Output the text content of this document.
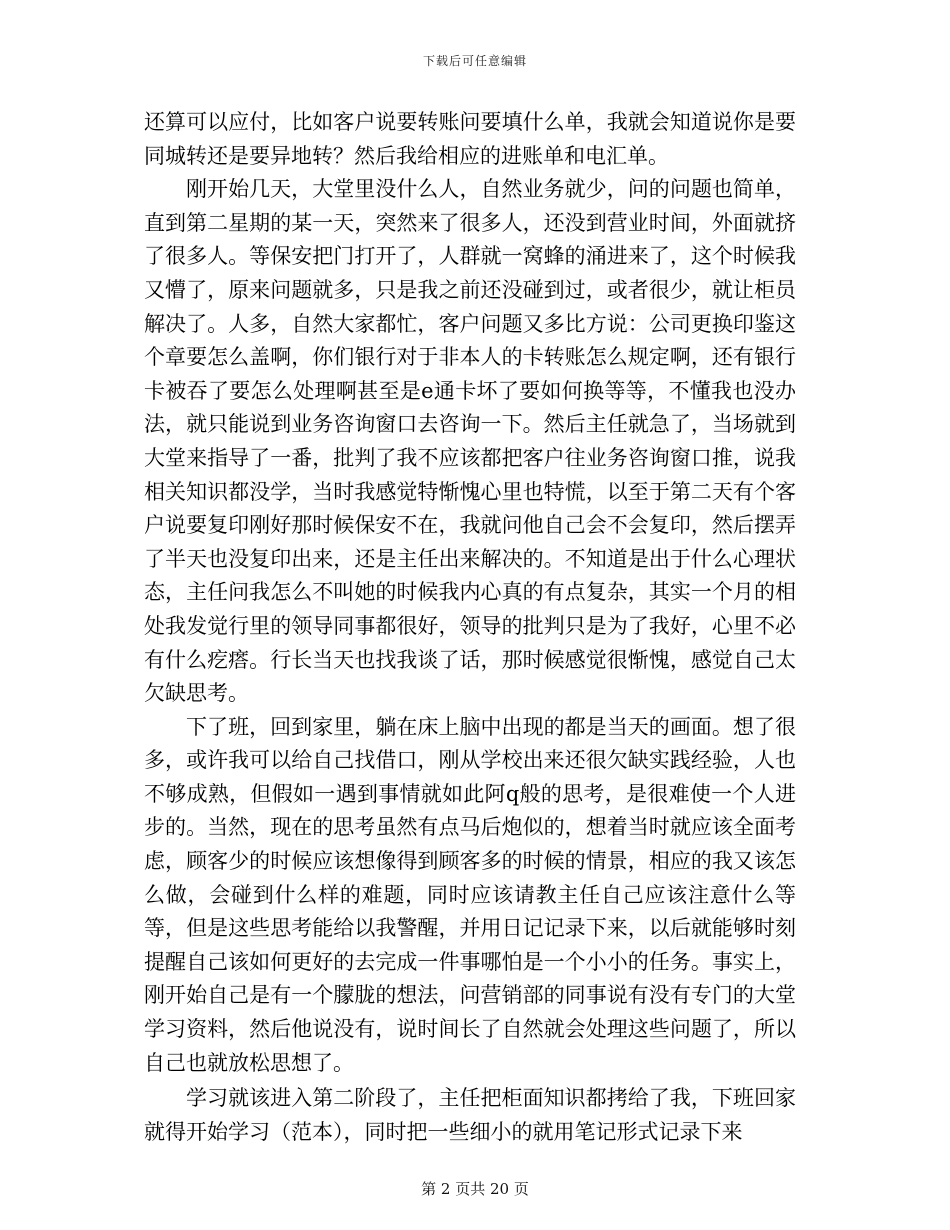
下载后可任意编辑

还算可以应付，比如客户说要转账问要填什么单，我就会知道说你是要同城转还是要异地转？然后我给相应的进账单和电汇单。

刚开始几天，大堂里没什么人，自然业务就少，问的问题也简单，直到第二星期的某一天，突然来了很多人，还没到营业时间，外面就挤了很多人。等保安把门打开了，人群就一窝蜂的涌进来了，这个时候我又懵了，原来问题就多，只是我之前还没碰到过，或者很少，就让柜员解决了。人多，自然大家都忙，客户问题又多比方说：公司更换印鉴这个章要怎么盖啊，你们银行对于非本人的卡转账怎么规定啊，还有银行卡被吞了要怎么处理啊甚至是e通卡坏了要如何换等等，不懂我也没办法，就只能说到业务咨询窗口去咨询一下。然后主任就急了，当场就到大堂来指导了一番，批判了我不应该都把客户往业务咨询窗口推，说我相关知识都没学，当时我感觉特惭愧心里也特慌，以至于第二天有个客户说要复印刚好那时候保安不在，我就问他自己会不会复印，然后摆弄了半天也没复印出来，还是主任出来解决的。不知道是出于什么心理状态，主任问我怎么不叫她的时候我内心真的有点复杂，其实一个月的相处我发觉行里的领导同事都很好，领导的批判只是为了我好，心里不必有什么疙瘩。行长当天也找我谈了话，那时候感觉很惭愧，感觉自己太欠缺思考。

下了班，回到家里，躺在床上脑中出现的都是当天的画面。想了很多，或许我可以给自己找借口，刚从学校出来还很欠缺实践经验，人也不够成熟，但假如一遇到事情就如此阿q般的思考，是很难使一个人进步的。当然，现在的思考虽然有点马后炮似的，想着当时就应该全面考虑，顾客少的时候应该想像得到顾客多的时候的情景，相应的我又该怎么做，会碰到什么样的难题，同时应该请教主任自己应该注意什么等等，但是这些思考能给以我警醒，并用日记记录下来，以后就能够时刻提醒自己该如何更好的去完成一件事哪怕是一个小小的任务。事实上，刚开始自己是有一个朦胧的想法，问营销部的同事说有没有专门的大堂学习资料，然后他说没有，说时间长了自然就会处理这些问题了，所以自己也就放松思想了。

学习就该进入第二阶段了，主任把柜面知识都拷给了我，下班回家就得开始学习（范本），同时把一些细小的就用笔记形式记录下来

第 2 页共 20 页
